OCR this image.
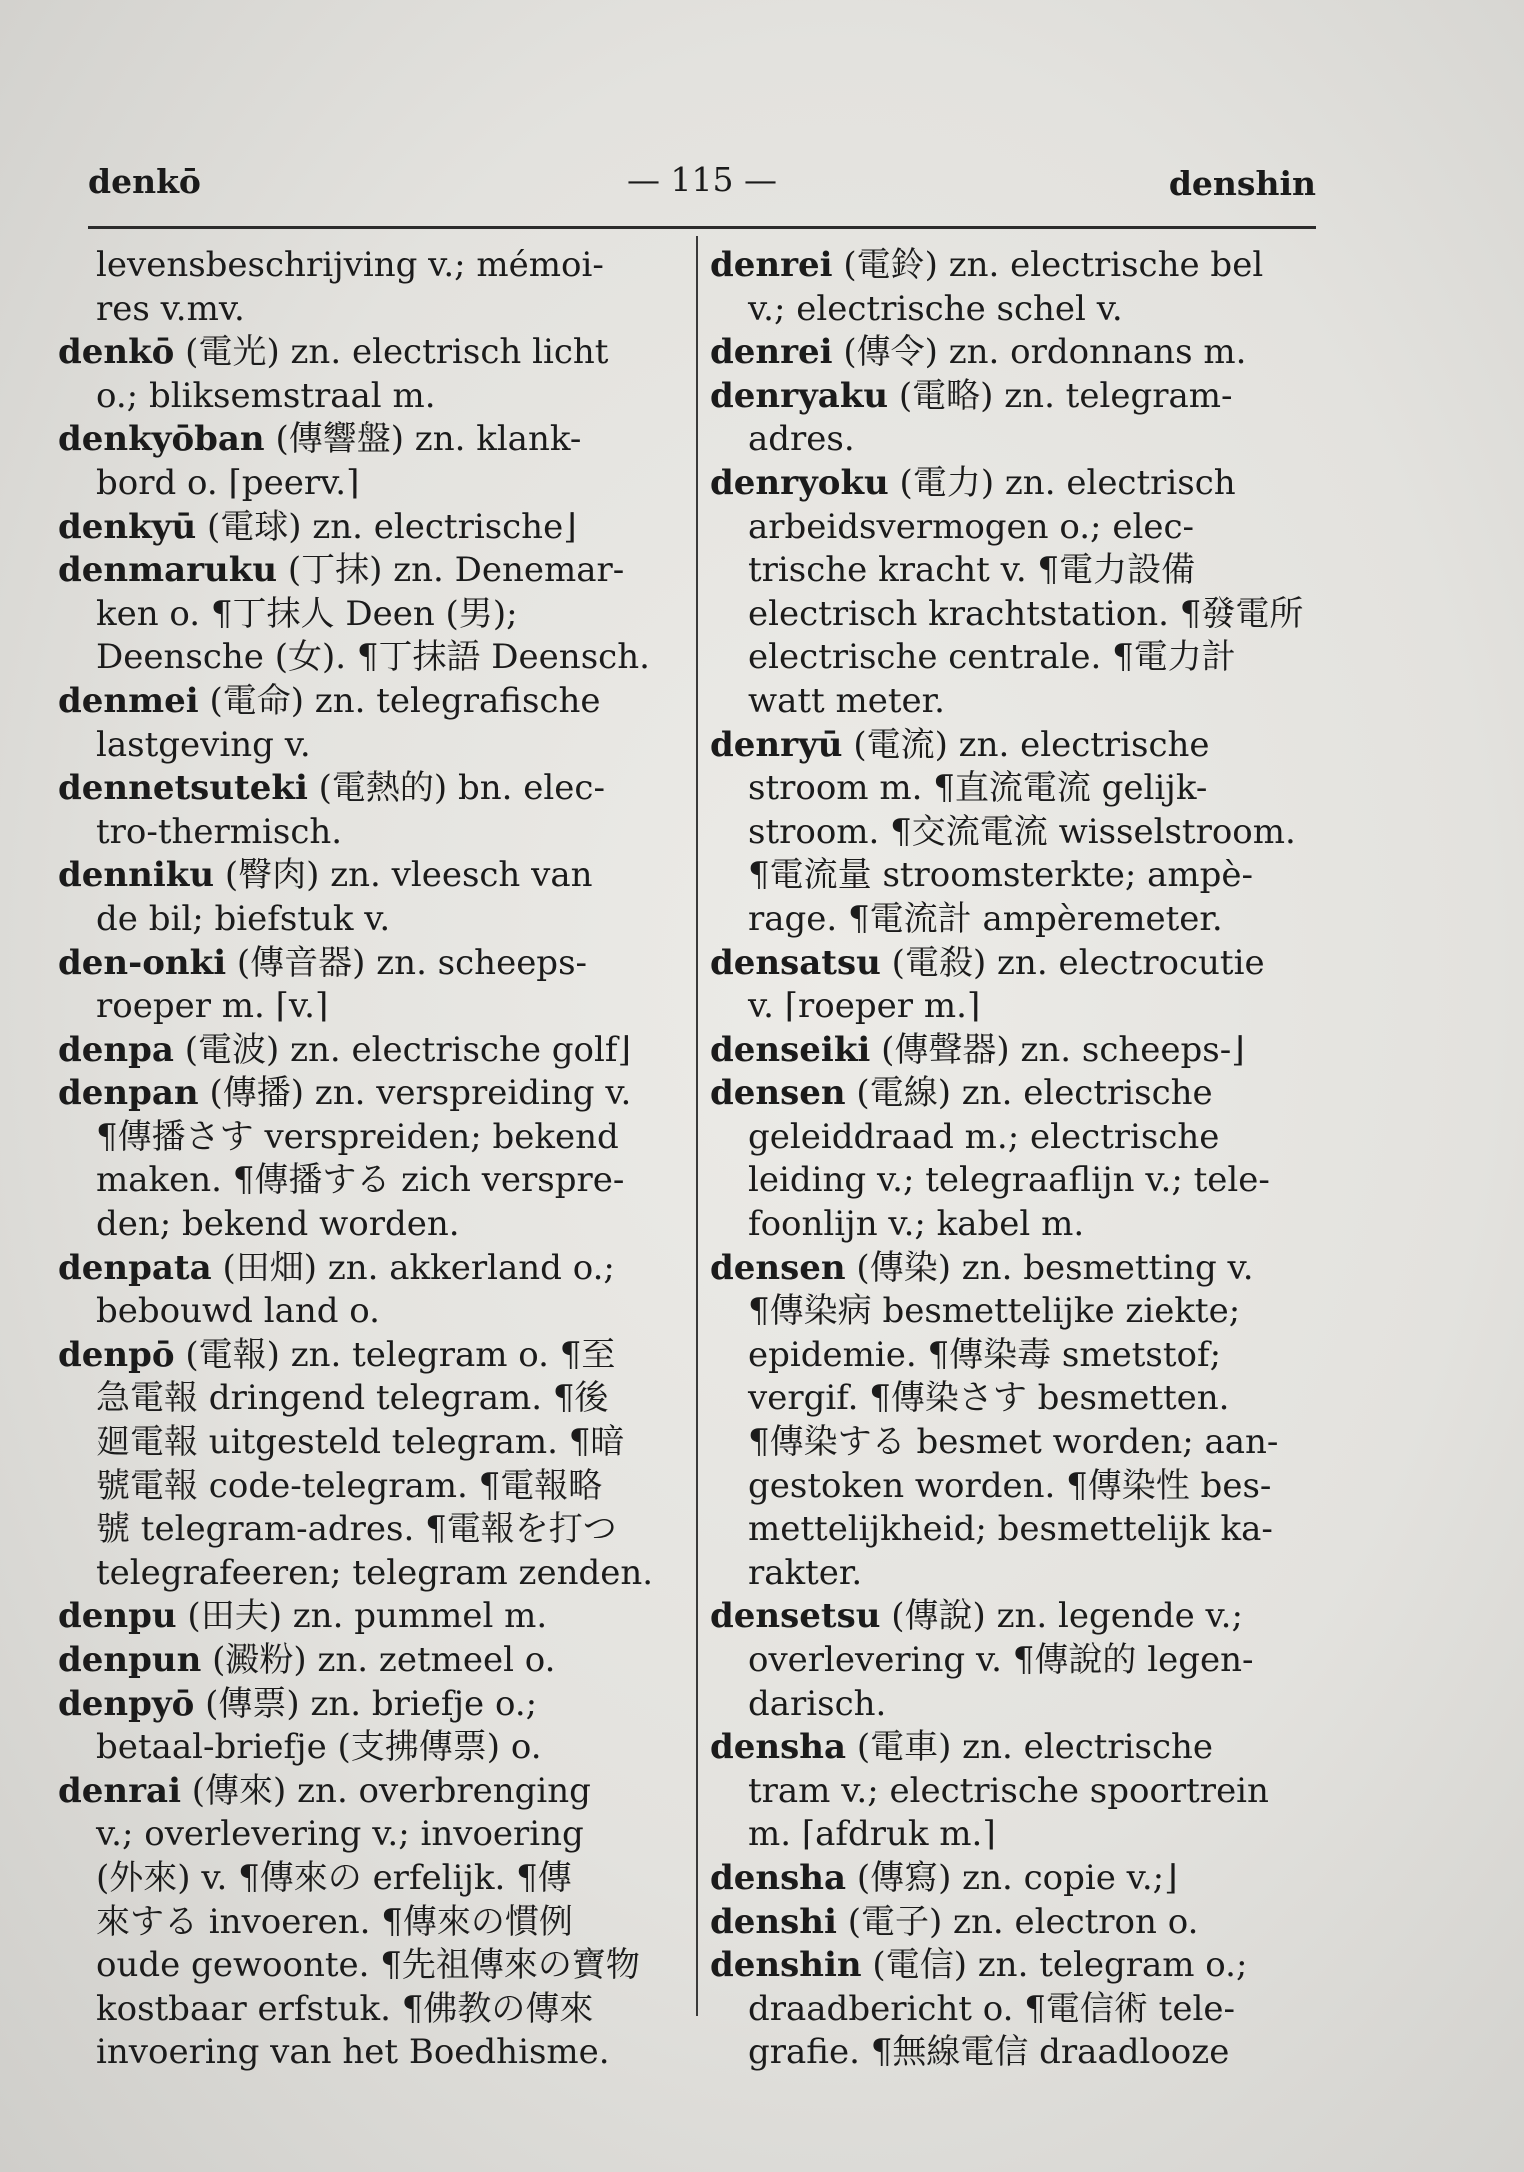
denkō	— 115 —	denshin
levensbeschrijving v.; mémoi-
res v.mv.
denkō (電光) zn. electrisch licht
o.; bliksemstraal m.
denkyōban (傳響盤) zn. klank-
bord o. ⌈peerv.⌉
denkyū (電球) zn. electrische⌋
denmaruku (丁抹) zn. Denemar-
ken o. ¶丁抹人 Deen (男);
Deensche (女). ¶丁抹語 Deensch.
denmei (電命) zn. telegrafische
lastgeving v.
dennetsuteki (電熱的) bn. elec-
tro-thermisch.
denniku (臀肉) zn. vleesch van
de bil; biefstuk v.
den-onki (傳音器) zn. scheeps-
roeper m. ⌈v.⌉
denpa (電波) zn. electrische golf⌋
denpan (傳播) zn. verspreiding v.
¶傳播さす verspreiden; bekend
maken. ¶傳播する zich verspre-
den; bekend worden.
denpata (田畑) zn. akkerland o.;
bebouwd land o.
denpō (電報) zn. telegram o. ¶至
急電報 dringend telegram. ¶後
廻電報 uitgesteld telegram. ¶暗
號電報 code-telegram. ¶電報略
號 telegram-adres. ¶電報を打つ
telegrafeeren; telegram zenden.
denpu (田夫) zn. pummel m.
denpun (澱粉) zn. zetmeel o.
denpyō (傳票) zn. briefje o.;
betaal-briefje (支拂傳票) o.
denrai (傳來) zn. overbrenging
v.; overlevering v.; invoering
(外來) v. ¶傳來の erfelijk. ¶傳
來する invoeren. ¶傳來の慣例
oude gewoonte. ¶先祖傳來の寶物
kostbaar erfstuk. ¶佛教の傳來
invoering van het Boedhisme.
denrei (電鈴) zn. electrische bel
v.; electrische schel v.
denrei (傳令) zn. ordonnans m.
denryaku (電略) zn. telegram-
adres.
denryoku (電力) zn. electrisch
arbeidsvermogen o.; elec-
trische kracht v. ¶電力設備
electrisch krachtstation. ¶發電所
electrische centrale. ¶電力計
watt meter.
denryū (電流) zn. electrische
stroom m. ¶直流電流 gelijk-
stroom. ¶交流電流 wisselstroom.
¶電流量 stroomsterkte; ampè-
rage. ¶電流計 ampèremeter.
densatsu (電殺) zn. electrocutie
v. ⌈roeper m.⌉
denseiki (傳聲器) zn. scheeps-⌋
densen (電線) zn. electrische
geleiddraad m.; electrische
leiding v.; telegraaflijn v.; tele-
foonlijn v.; kabel m.
densen (傳染) zn. besmetting v.
¶傳染病 besmettelijke ziekte;
epidemie. ¶傳染毒 smetstof;
vergif. ¶傳染さす besmetten.
¶傳染する besmet worden; aan-
gestoken worden. ¶傳染性 bes-
mettelijkheid; besmettelijk ka-
rakter.
densetsu (傳說) zn. legende v.;
overlevering v. ¶傳說的 legen-
darisch.
densha (電車) zn. electrische
tram v.; electrische spoortrein
m. ⌈afdruk m.⌉
densha (傳寫) zn. copie v.;⌋
denshi (電子) zn. electron o.
denshin (電信) zn. telegram o.;
draadbericht o. ¶電信術 tele-
grafie. ¶無線電信 draadlooze
